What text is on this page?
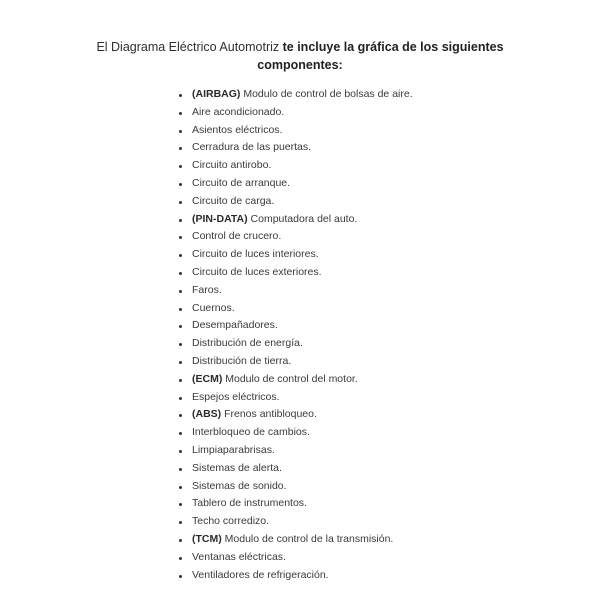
El Diagrama Eléctrico Automotriz te incluye la gráfica de los siguientes componentes:
(AIRBAG) Modulo de control de bolsas de aire.
Aire acondicionado.
Asientos eléctricos.
Cerradura de las puertas.
Circuito antirobo.
Circuito de arranque.
Circuito de carga.
(PIN-DATA) Computadora del auto.
Control de crucero.
Circuito de luces interiores.
Circuito de luces exteriores.
Faros.
Cuernos.
Desempañadores.
Distribución de energía.
Distribución de tierra.
(ECM) Modulo de control del motor.
Espejos eléctricos.
(ABS) Frenos antibloqueo.
Interbloqueo de cambios.
Limpiaparabrisas.
Sistemas de alerta.
Sistemas de sonido.
Tablero de instrumentos.
Techo corredizo.
(TCM) Modulo de control de la transmisión.
Ventanas eléctricas.
Ventiladores de refrigeración.
